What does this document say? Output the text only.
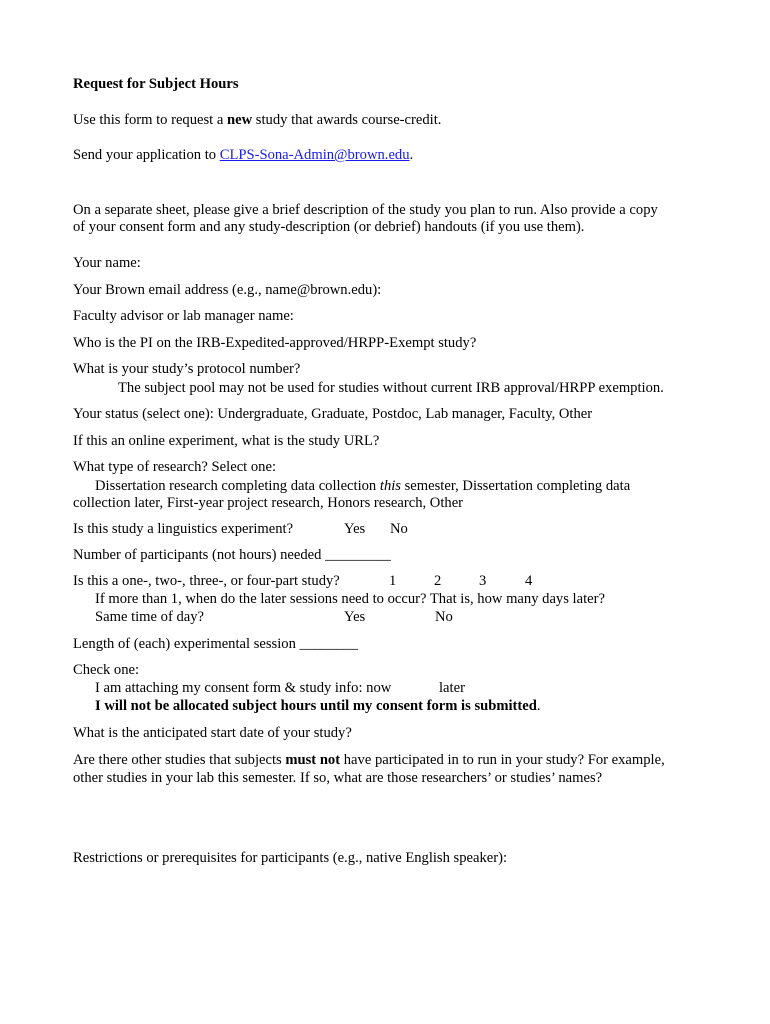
Request for Subject Hours
Use this form to request a new study that awards course-credit.
Send your application to CLPS-Sona-Admin@brown.edu.
On a separate sheet, please give a brief description of the study you plan to run. Also provide a copy
of your consent form and any study-description (or debrief) handouts (if you use them).
Your name:
Your Brown email address (e.g., name@brown.edu):
Faculty advisor or lab manager name:
Who is the PI on the IRB-Expedited-approved/HRPP-Exempt study?
What is your study’s protocol number?
The subject pool may not be used for studies without current IRB approval/HRPP exemption.
Your status (select one): Undergraduate, Graduate, Postdoc, Lab manager, Faculty, Other
If this an online experiment, what is the study URL?
What type of research? Select one:
Dissertation research completing data collection this semester, Dissertation completing data
collection later, First-year project research, Honors research, Other
Is this study a linguistics experiment?	Yes No
Number of participants (not hours) needed _________
Is this a one-, two-, three-, or four-part study?	1	2	3	4
If more than 1, when do the later sessions need to occur? That is, how many days later?
Same time of day?	Yes	No
Length of (each) experimental session ________
Check one:
I am attaching my consent form & study info: now	later
I will not be allocated subject hours until my consent form is submitted.
What is the anticipated start date of your study?
Are there other studies that subjects must not have participated in to run in your study? For example,
other studies in your lab this semester. If so, what are those researchers’ or studies’ names?
Restrictions or prerequisites for participants (e.g., native English speaker):
